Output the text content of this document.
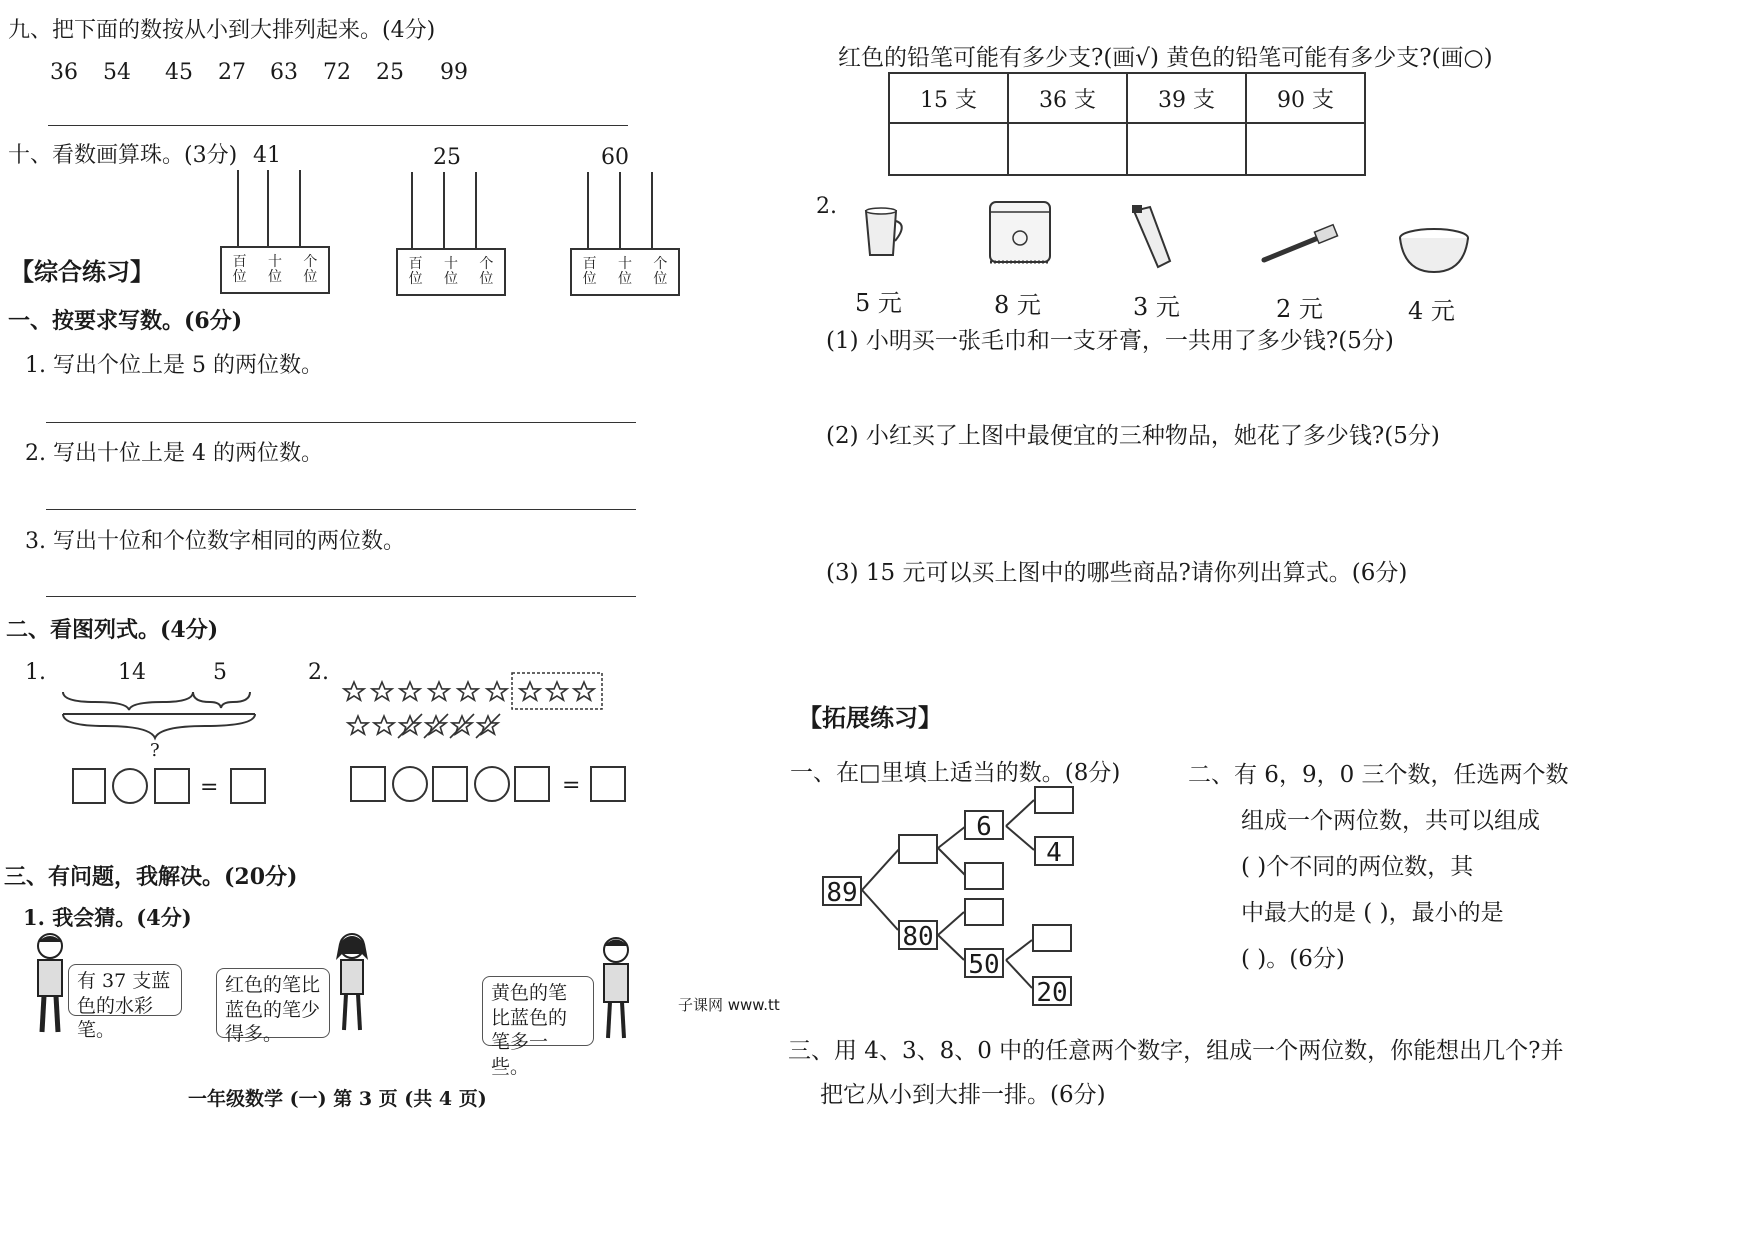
九、把下面的数按从小到大排列起来。(4分)
36 54 45 27 63 72 25 99
十、看数画算珠。(3分) 41	25	60
百位
十位
个位
百位
十位
个位
百位
十位
个位
【综合练习】
一、按要求写数。(6分)
1. 写出个位上是 5 的两位数。
2. 写出十位上是 4 的两位数。
3. 写出十位和个位数字相同的两位数。
二、看图列式。(4分)
1.	14	5
?
=
2.
=
三、有问题，我解决。(20分)
1. 我会猜。(4分)
有 37 支蓝色的水彩笔。
红色的笔比蓝色的笔少得多。
黄色的笔比蓝色的笔多一些。
子课网 www.tt
一年级数学 (一) 第 3 页 (共 4 页)
红色的铅笔可能有多少支?(画√) 黄色的铅笔可能有多少支?(画○)
15 支	36 支	39 支	90 支

2.
5 元	8 元	3 元	2 元	4 元
(1) 小明买一张毛巾和一支牙膏，一共用了多少钱?(5分)
(2) 小红买了上图中最便宜的三种物品，她花了多少钱?(5分)
(3) 15 元可以买上图中的哪些商品?请你列出算式。(6分)
【拓展练习】
一、在□里填上适当的数。(8分)
89
6
4
80
50
20
二、有 6，9，0 三个数，任选两个数
组成一个两位数，共可以组成
( )个不同的两位数，其
中最大的是 ( )，最小的是
( )。(6分)
三、用 4、3、8、0 中的任意两个数字，组成一个两位数，你能想出几个?并
把它从小到大排一排。(6分)
